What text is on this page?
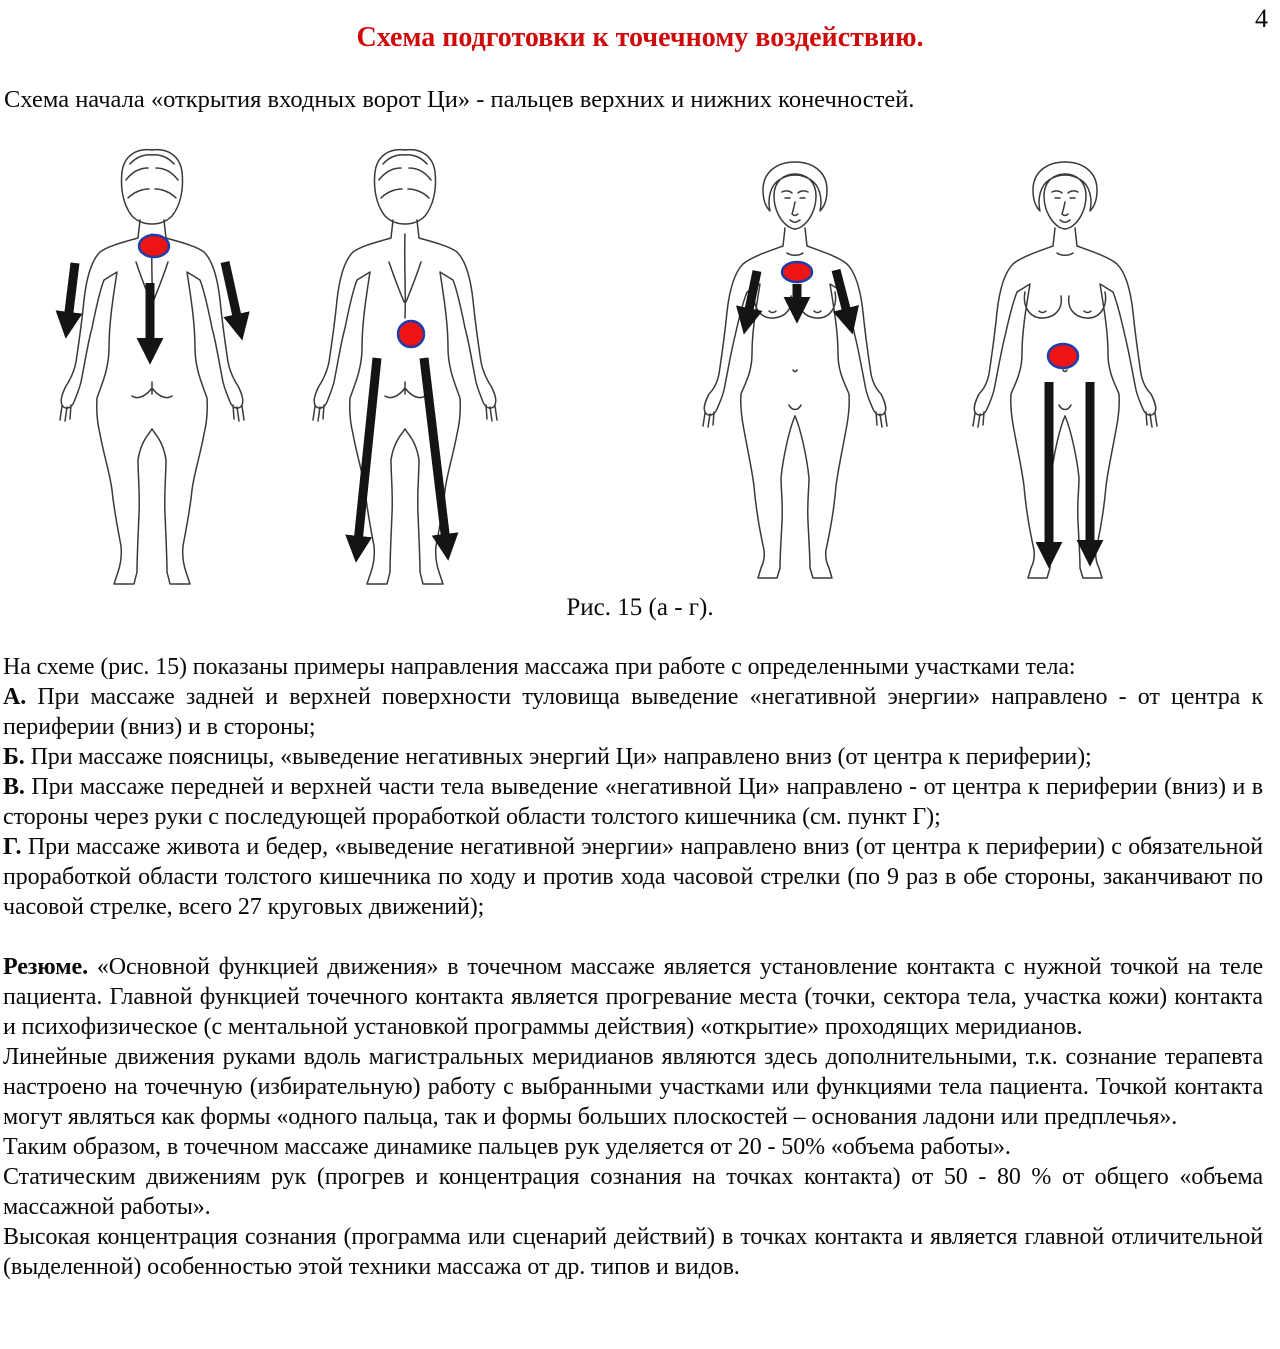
4
Схема подготовки к точечному воздействию.

Схема начала «открытия входных ворот Ци» - пальцев верхних и нижних конечностей.

Рис. 15 (а - г).

На схеме (рис. 15) показаны примеры направления массажа при работе с определенными участками тела:

А. При массаже задней и верхней поверхности туловища выведение «негативной энергии» направлено - от центра к периферии (вниз) и в стороны;

Б. При массаже поясницы, «выведение негативных энергий Ци» направлено вниз (от центра к периферии);

В. При массаже передней и верхней части тела выведение «негативной Ци» направлено - от центра к периферии (вниз) и в стороны через руки с последующей проработкой области толстого кишечника (см. пункт Г);

Г. При массаже живота и бедер, «выведение негативной энергии» направлено вниз (от центра к периферии) с обязательной проработкой области толстого кишечника по ходу и против хода часовой стрелки (по 9 раз в обе стороны, заканчивают по часовой стрелке, всего 27 круговых движений);

Резюме. «Основной функцией движения» в точечном массаже является установление контакта с нужной точкой на теле пациента. Главной функцией точечного контакта является прогревание места (точки, сектора тела, участка кожи) контакта и психофизическое (с ментальной установкой программы действия) «открытие» проходящих меридианов.

Линейные движения руками вдоль магистральных меридианов являются здесь дополнительными, т.к. сознание терапевта настроено на точечную (избирательную) работу с выбранными участками или функциями тела пациента. Точкой контакта могут являться как формы «одного пальца, так и формы больших плоскостей – основания ладони или предплечья».

Таким образом, в точечном массаже динамике пальцев рук уделяется от 20 - 50% «объема работы».

Статическим движениям рук (прогрев и концентрация сознания на точках контакта) от 50 - 80 % от общего «объема массажной работы».

Высокая концентрация сознания (программа или сценарий действий) в точках контакта и является главной отличительной (выделенной) особенностью этой техники массажа от др. типов и видов.
